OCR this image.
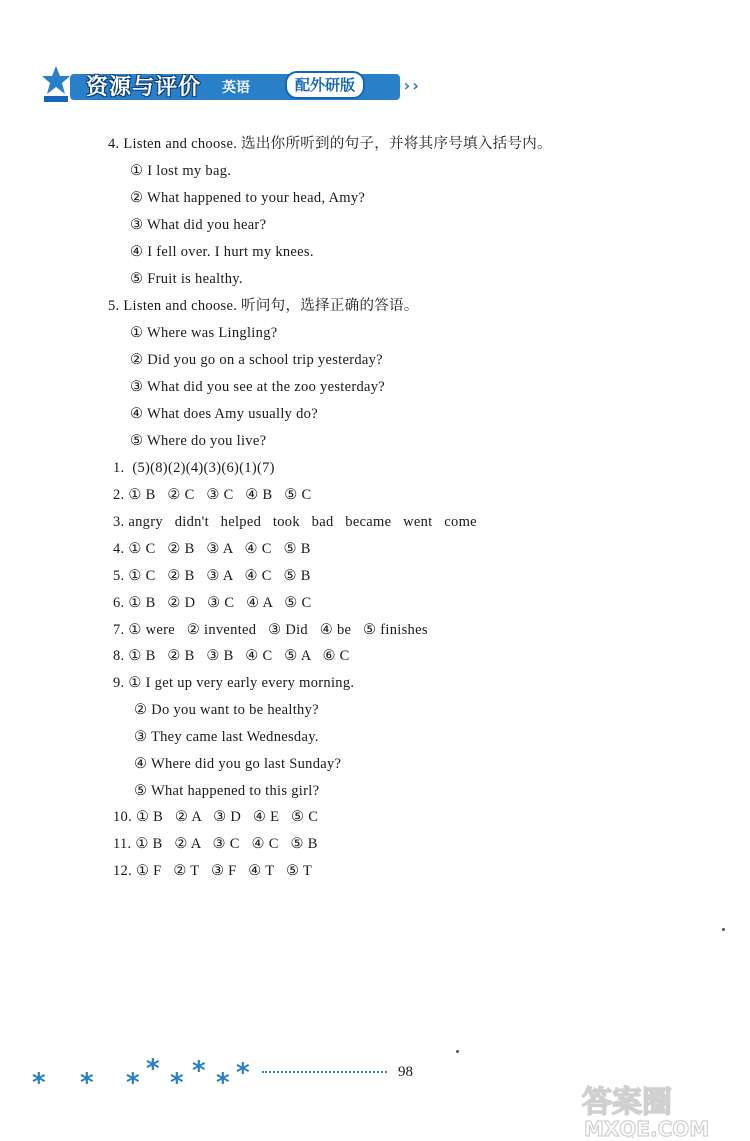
资源与评价 英语	配外研版	›››
4. Listen and choose. 选出你所听到的句子，并将其序号填入括号内。
① I lost my bag.
② What happened to your head, Amy?
③ What did you hear?
④ I fell over. I hurt my knees.
⑤ Fruit is healthy.
5. Listen and choose. 听问句，选择正确的答语。
① Where was Lingling?
② Did you go on a school trip yesterday?
③ What did you see at the zoo yesterday?
④ What does Amy usually do?
⑤ Where do you live?
1.  (5)(8)(2)(4)(3)(6)(1)(7)
2. ① B   ② C   ③ C   ④ B   ⑤ C
3. angry   didn't   helped   took   bad   became   went   come
4. ① C   ② B   ③ A   ④ C   ⑤ B
5. ① C   ② B   ③ A   ④ C   ⑤ B
6. ① B   ② D   ③ C   ④ A   ⑤ C
7. ① were   ② invented   ③ Did   ④ be   ⑤ finishes
8. ① B   ② B   ③ B   ④ C   ⑤ A   ⑥ C
9. ① I get up very early every morning.
② Do you want to be healthy?
③ They came last Wednesday.
④ Where did you go last Sunday?
⑤ What happened to this girl?
10. ① B   ② A   ③ D   ④ E   ⑤ C
11. ① B   ② A   ③ C   ④ C   ⑤ B
12. ① F   ② T   ③ F   ④ T   ⑤ T
* * * * * * * *	98
答案圈
MXQE.COM
